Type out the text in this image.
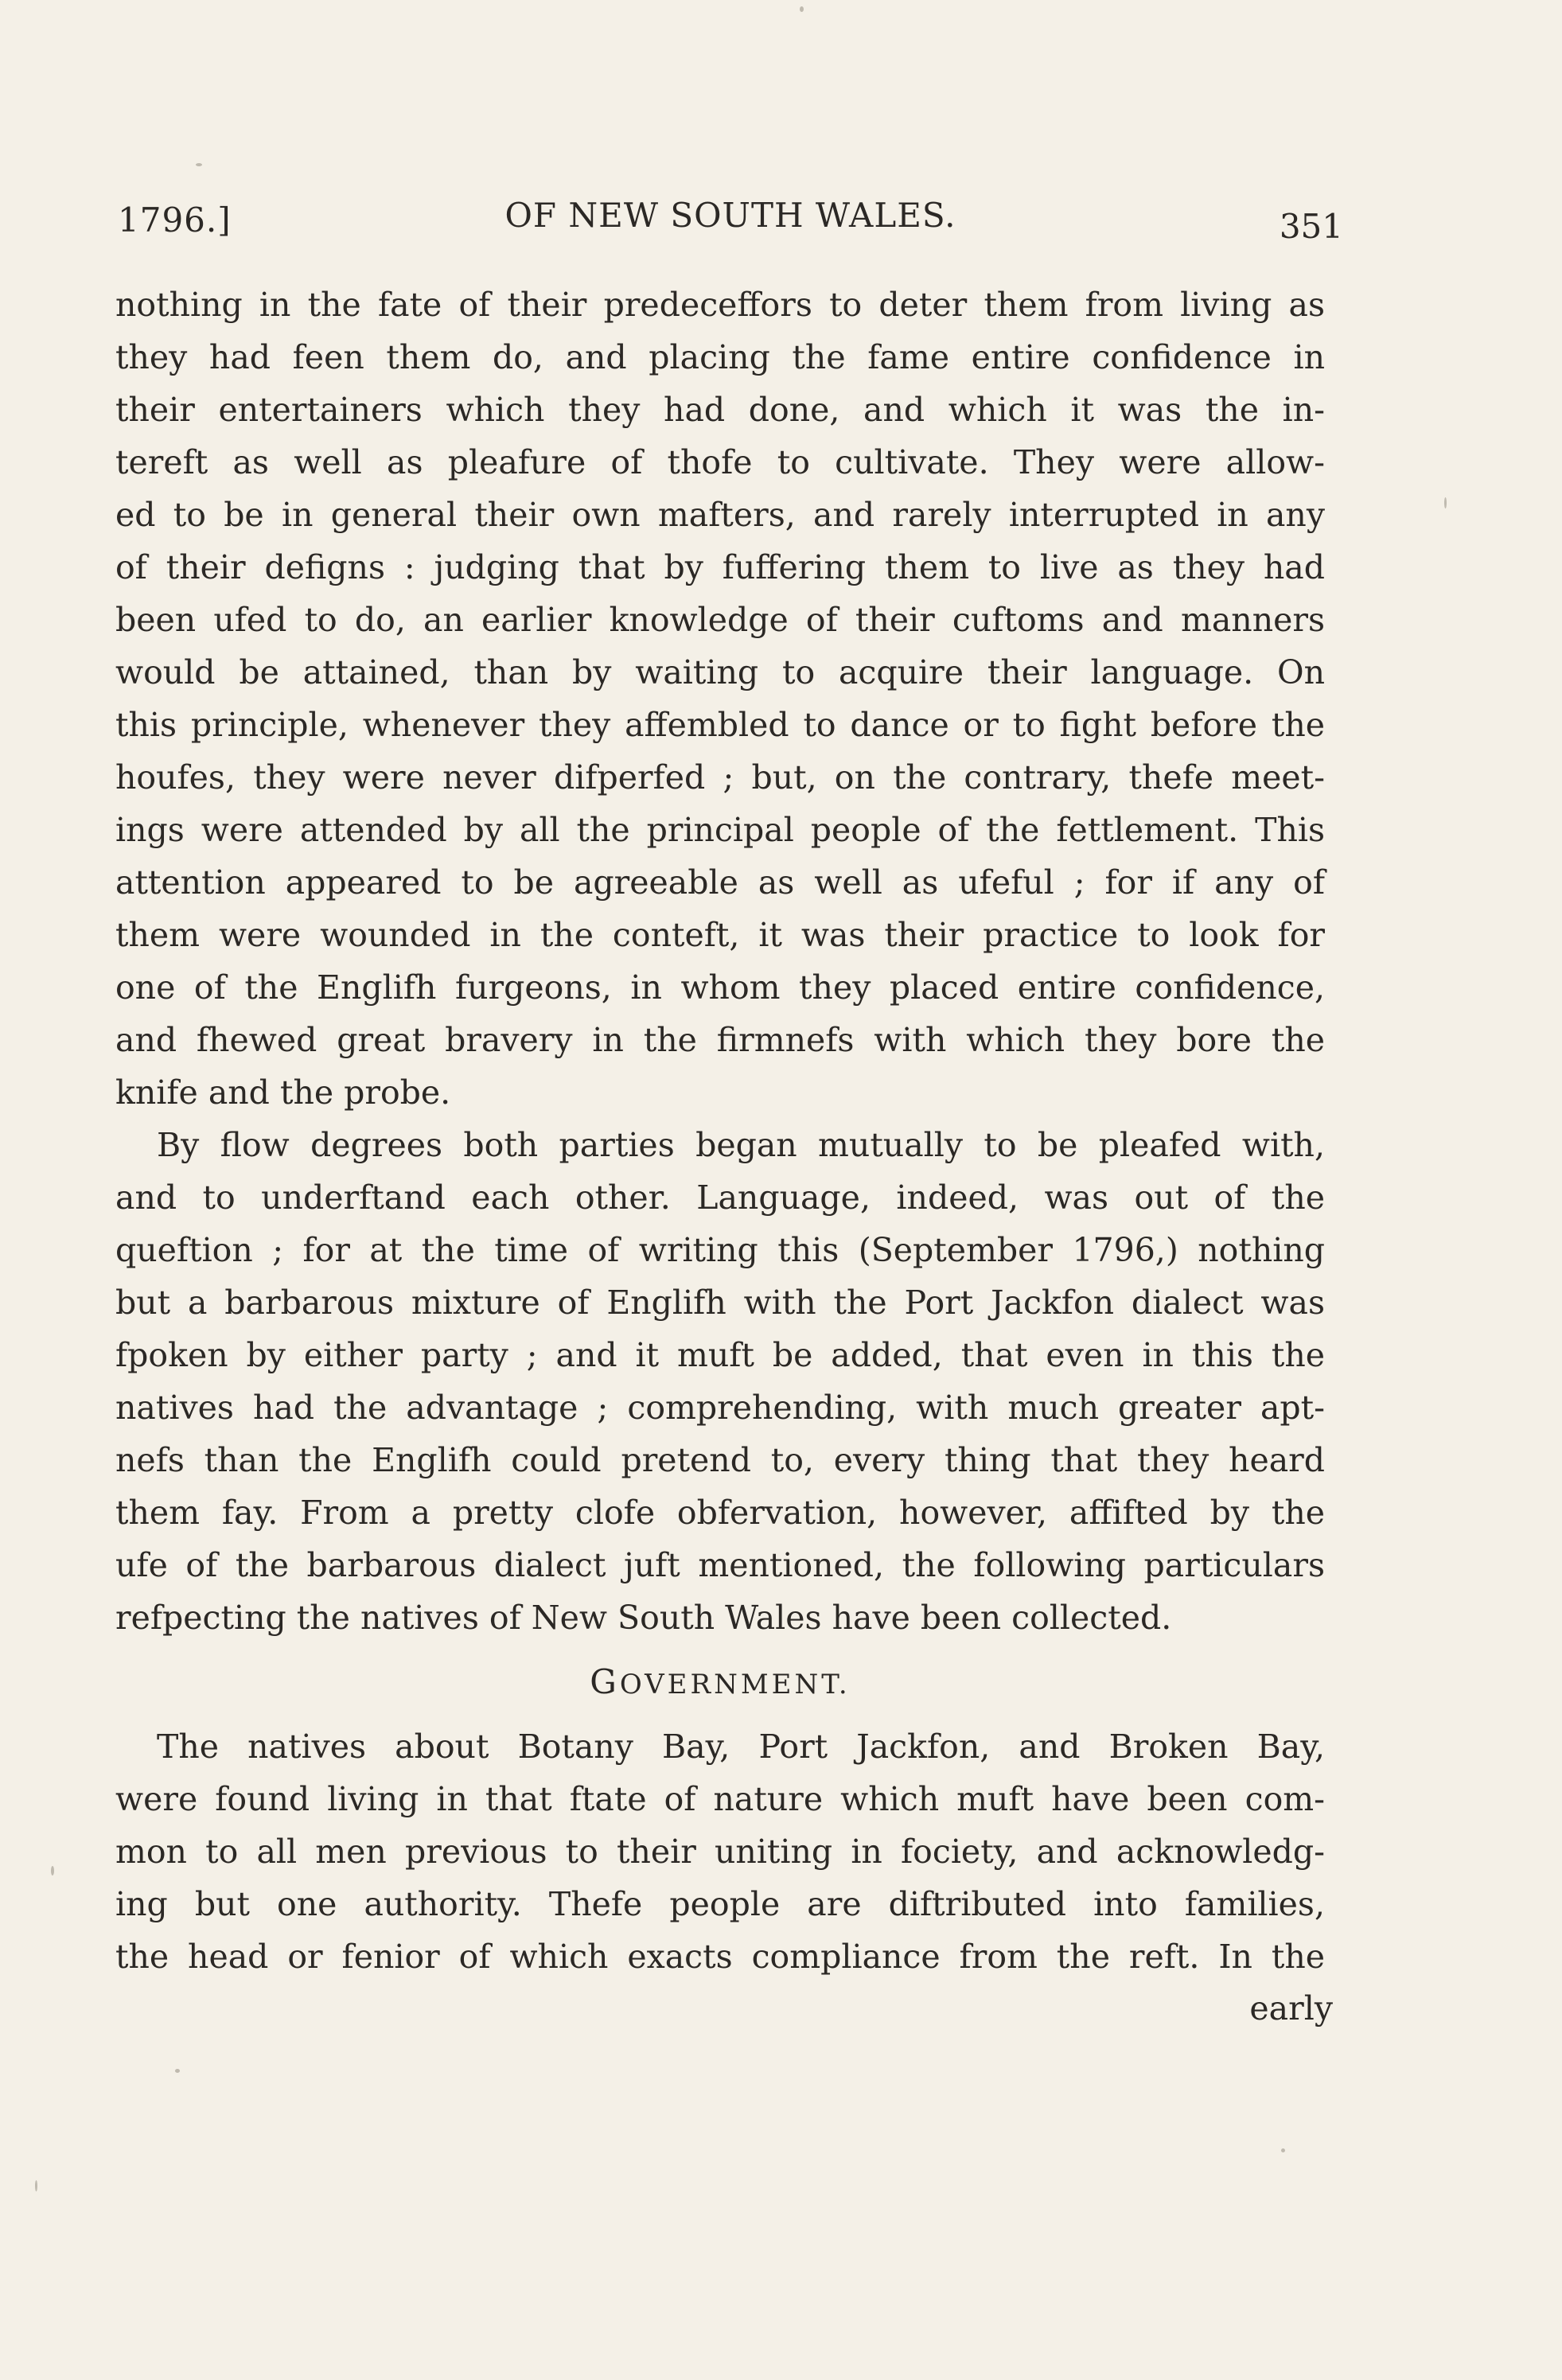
1796.]	OF NEW SOUTH WALES.	351
nothing in the fate of their predeceffors to deter them from living as
they had feen them do, and placing the fame entire confidence in
their entertainers which they had done, and which it was the in-
tereft as well as pleafure of thofe to cultivate. They were allow-
ed to be in general their own mafters, and rarely interrupted in any
of their defigns : judging that by fuffering them to live as they had
been ufed to do, an earlier knowledge of their cuftoms and manners
would be attained, than by waiting to acquire their language. On
this principle, whenever they affembled to dance or to fight before the
houfes, they were never difperfed ; but, on the contrary, thefe meet-
ings were attended by all the principal people of the fettlement. This
attention appeared to be agreeable as well as ufeful ; for if any of
them were wounded in the conteft, it was their practice to look for
one of the Englifh furgeons, in whom they placed entire confidence,
and fhewed great bravery in the firmnefs with which they bore the
knife and the probe.
By flow degrees both parties began mutually to be pleafed with,
and to underftand each other. Language, indeed, was out of the
queftion ; for at the time of writing this (September 1796,) nothing
but a barbarous mixture of Englifh with the Port Jackfon dialect was
fpoken by either party ; and it muft be added, that even in this the
natives had the advantage ; comprehending, with much greater apt-
nefs than the Englifh could pretend to, every thing that they heard
them fay. From a pretty clofe obfervation, however, affifted by the
ufe of the barbarous dialect juft mentioned, the following particulars
refpecting the natives of New South Wales have been collected.
GOVERNMENT.
The natives about Botany Bay, Port Jackfon, and Broken Bay,
were found living in that ftate of nature which muft have been com-
mon to all men previous to their uniting in fociety, and acknowledg-
ing but one authority. Thefe people are diftributed into families,
the head or fenior of which exacts compliance from the reft. In the
early
